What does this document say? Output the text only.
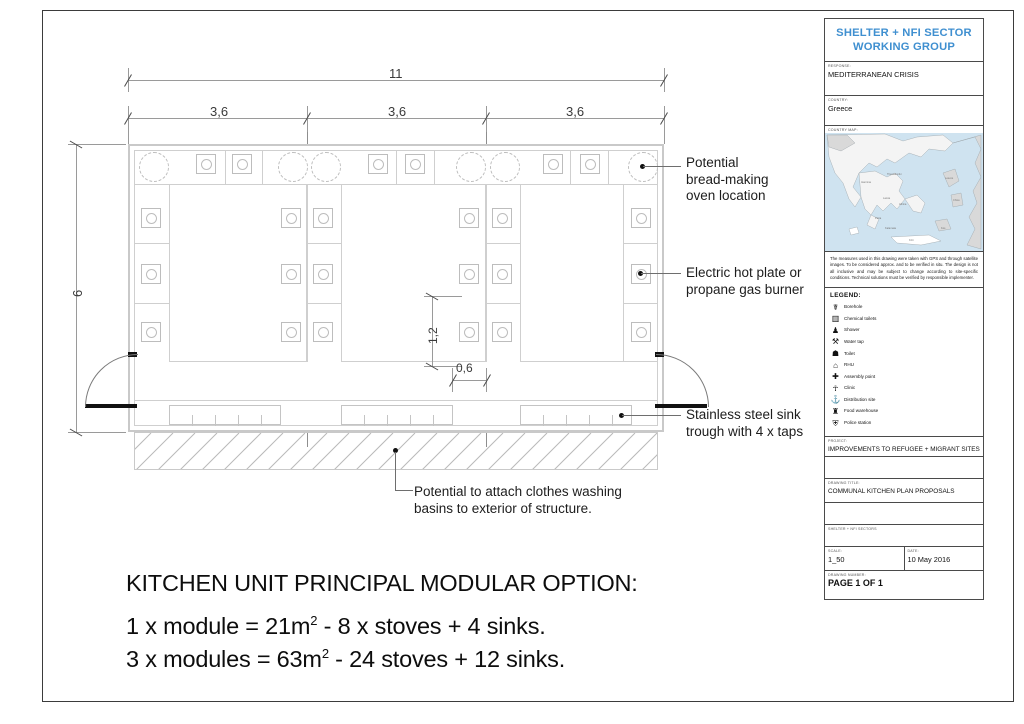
11
3,6	3,6	3,6
6
1,2
0,6
Potential
bread-making
oven location
Electric hot plate or
propane gas burner
Stainless steel sink
trough with 4 x taps
Potential to attach clothes washing
basins to exterior of structure.
KITCHEN UNIT PRINCIPAL MODULAR OPTION:
1 x module = $21m^2 - 8$ x stoves + 4 sinks.
3 x modules = $63m^2 - 24$ stoves + 12 sinks.
SHELTER + NFI SECTOR
WORKING GROUP
RESPONSE:
MEDITERRANEAN CRISIS
COUNTRY:
Greece
COUNTRY MAP:
Ioannina
Thessaloniki
Lamia
Patra
Athina
Kalamata
Lesvos
Chios
Kos
Kriti
The measures used in this drawing were taken with GPS and through satellite images. To be considered approx. and to be verified in situ. The design is not all inclusive and may be subject to change according to site-specific conditions. Technical solutions must be verified by responsible implementer.
LEGEND:
☤	Borehole
▥	Chemical toilets
♟	Shower
⚒	Water tap
☗	Toilet
⌂	RHU
✚	Assembly point
☥	Clinic
⚓ Distribution site
♜	Food warehouse
⛨	Police station
PROJECT:
IMPROVEMENTS TO REFUGEE + MIGRANT SITES
DRAWING TITLE:
COMMUNAL KITCHEN PLAN PROPOSALS
SHELTER + NFI SECTORS
SCALE:
1_50
DATE:
10 May 2016
DRAWING NUMBER:
PAGE 1 OF 1
